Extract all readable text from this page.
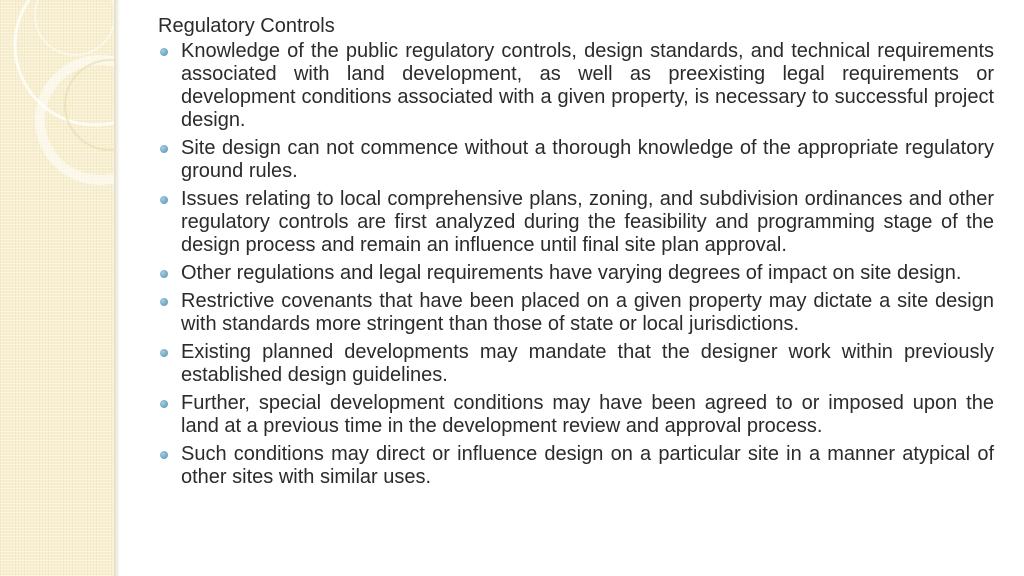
Regulatory Controls
Knowledge of the public regulatory controls, design standards, and technical requirements associated with land development, as well as preexisting legal requirements or development conditions associated with a given property, is necessary to successful project design.
Site design can not commence without a thorough knowledge of the appropriate regulatory ground rules.
Issues relating to local comprehensive plans, zoning, and subdivision ordinances and other regulatory controls are first analyzed during the feasibility and programming stage of the design process and remain an influence until final site plan approval.
Other regulations and legal requirements have varying degrees of impact on site design.
Restrictive covenants that have been placed on a given property may dictate a site design with standards more stringent than those of state or local jurisdictions.
Existing planned developments may mandate that the designer work within previously established design guidelines.
Further, special development conditions may have been agreed to or imposed upon the land at a previous time in the development review and approval process.
Such conditions may direct or influence design on a particular site in a manner atypical of other sites with similar uses.
